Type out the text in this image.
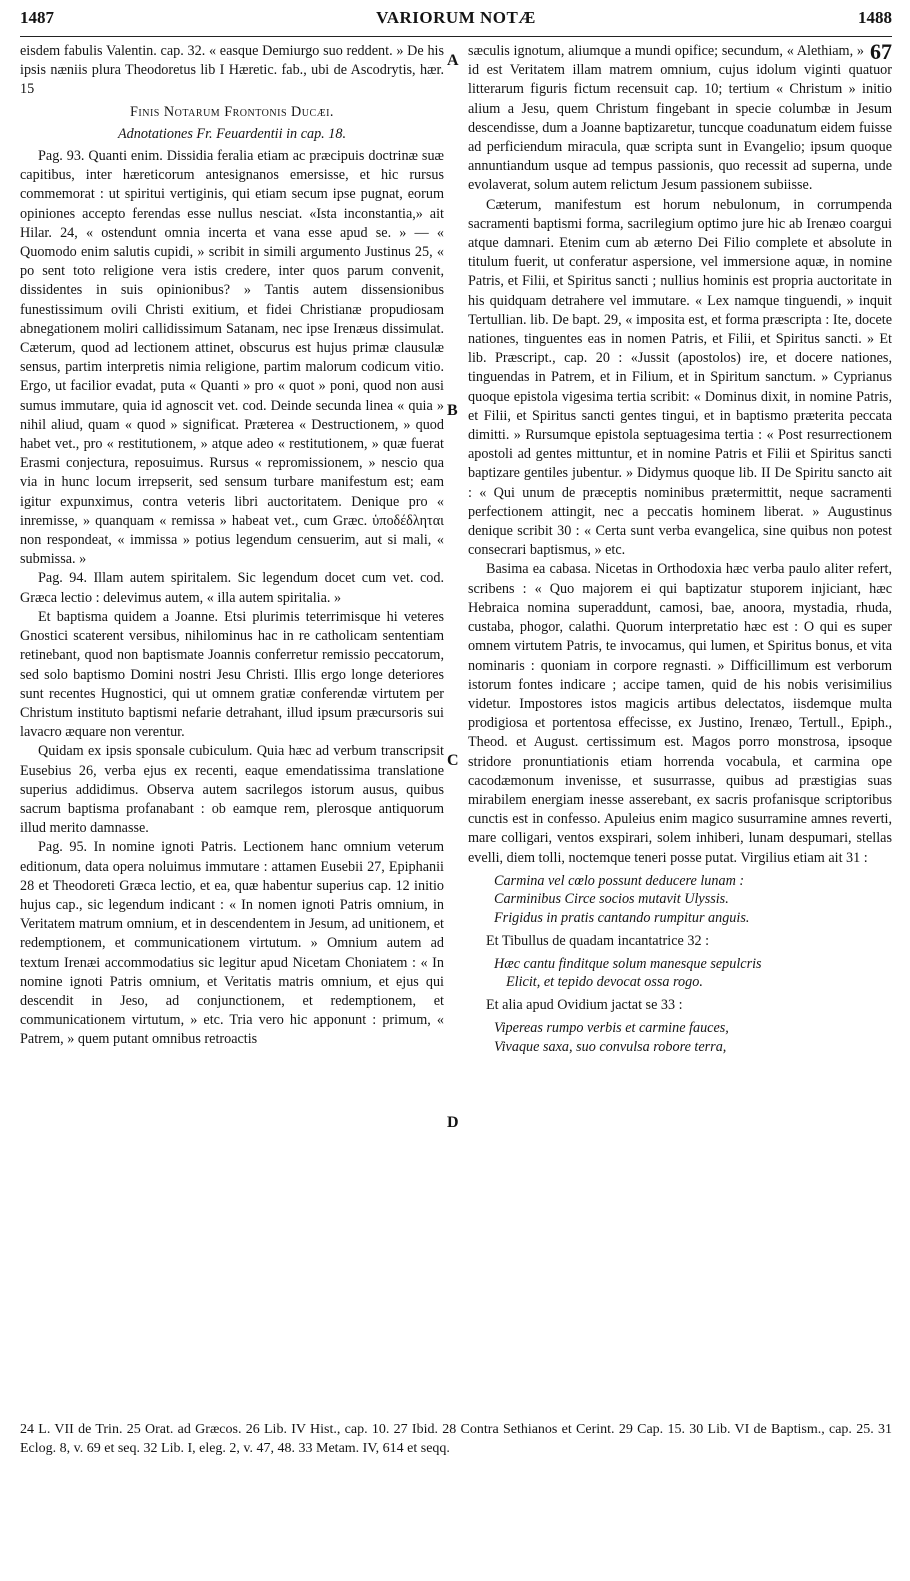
1487	VARIORUM NOTÆ	1488

eisdem fabulis Valentin. cap. 32. « easque Demiurgo suo reddent. » De his ipsis næniis plura Theodoretus lib I Hæretic. fab., ubi de Ascodrytis, hær. 15

Finis Notarum Frontonis Ducæi.

Adnotationes Fr. Feuardentii in cap. 18.

Pag. 93. Quanti enim. Dissidia feralia etiam ac præcipuis doctrinæ suæ capitibus, inter hæreticorum antesignanos emersisse, et hic rursus commemorat : ut spiritui vertiginis, qui etiam secum ipse pugnat, eorum opiniones accepto ferendas esse nullus nesciat. «Ista inconstantia,» ait Hilar. 24, « ostendunt omnia incerta et vana esse apud se. » — « Quomodo enim salutis cupidi, » scribit in simili argumento Justinus 25, « po sent toto religione vera istis credere, inter quos parum convenit, dissidentes in suis opinionibus? » Tantis autem dissensionibus funestissimum ovili Christi exitium, et fidei Christianæ propudiosam abnegationem moliri callidissimum Satanam, nec ipse Irenæus dissimulat. Cæterum, quod ad lectionem attinet, obscurus est hujus primæ clausulæ sensus, partim interpretis nimia religione, partim malorum codicum vitio. Ergo, ut facilior evadat, puta « Quanti » pro « quot » poni, quod non ausi sumus immutare, quia id agnoscit vet. cod. Deinde secunda linea « quia » nihil aliud, quam « quod » significat. Præterea « Destructionem, » quod habet vet., pro « restitutionem, » atque adeo « restitutionem, » quæ fuerat Erasmi conjectura, reposuimus. Rursus « repromissionem, » nescio qua via in hunc locum irrepserit, sed sensum turbare manifestum est; eam igitur expunximus, contra veteris libri auctoritatem. Denique pro « inremisse, » quanquam « remissa » habeat vet., cum Græc. ὑποδέδληται non respondeat, « immissa » potius legendum censuerim, aut si mali, « submissa. »

Pag. 94. Illam autem spiritalem. Sic legendum docet cum vet. cod. Græca lectio : delevimus autem, « illa autem spiritalia. »

Et baptisma quidem a Joanne. Etsi plurimis teterrimisque hi veteres Gnostici scaterent versibus, nihilominus hac in re catholicam sententiam retinebant, quod non baptismate Joannis conferretur remissio peccatorum, sed solo baptismo Domini nostri Jesu Christi. Illis ergo longe deteriores sunt recentes Hugnostici, qui ut omnem gratiæ conferendæ virtutem per Christum instituto baptismi nefarie detrahant, illud ipsum præcursoris sui lavacro æquare non verentur.

Quidam ex ipsis sponsale cubiculum. Quia hæc ad verbum transcripsit Eusebius 26, verba ejus ex recenti, eaque emendatissima translatione superius addidimus. Observa autem sacrilegos istorum ausus, quibus sacrum baptisma profanabant : ob eamque rem, plerosque antiquorum illud merito damnasse.

Pag. 95. In nomine ignoti Patris. Lectionem hanc omnium veterum editionum, data opera noluimus immutare : attamen Eusebii 27, Epiphanii 28 et Theodoreti Græca lectio, et ea, quæ habentur superius cap. 12 initio hujus cap., sic legendum indicant : « In nomen ignoti Patris omnium, in Veritatem matrum omnium, et in descendentem in Jesum, ad unitionem, et redemptionem, et communicationem virtutum. » Omnium autem ad textum Irenæi accommodatius sic legitur apud Nicetam Choniatem : « In nomine ignoti Patris omnium, et Veritatis matris omnium, et ejus qui descendit in Jeso, ad conjunctionem, et redemptionem, et communicationem virtutum, » etc. Tria vero hic apponunt : primum, « Patrem, » quem putant omnibus retroactis

A
B
C
D

67
sæculis ignotum, aliumque a mundi opifice; secundum, « Alethiam, » id est Veritatem illam matrem omnium, cujus idolum viginti quatuor litterarum figuris fictum recensuit cap. 10; tertium « Christum » initio alium a Jesu, quem Christum fingebant in specie columbæ in Jesum descendisse, dum a Joanne baptizaretur, tuncque coadunatum eidem fuisse ad perficiendum miracula, quæ scripta sunt in Evangelio; ipsum quoque annuntiandum usque ad tempus passionis, quo recessit ad superna, unde evolaverat, solum autem relictum Jesum passionem subiisse.

Cæterum, manifestum est horum nebulonum, in corrumpenda sacramenti baptismi forma, sacrilegium optimo jure hic ab Irenæo coargui atque damnari. Etenim cum ab æterno Dei Filio complete et absolute in titulum fuerit, ut conferatur aspersione, vel immersione aquæ, in nomine Patris, et Filii, et Spiritus sancti ; nullius hominis est propria auctoritate in his quidquam detrahere vel immutare. « Lex namque tinguendi, » inquit Tertullian. lib. De bapt. 29, « imposita est, et forma præscripta : Ite, docete nationes, tinguentes eas in nomen Patris, et Filii, et Spiritus sancti. » Et lib. Præscript., cap. 20 : «Jussit (apostolos) ire, et docere nationes, tinguendas in Patrem, et in Filium, et in Spiritum sanctum. » Cyprianus quoque epistola vigesima tertia scribit: « Dominus dixit, in nomine Patris, et Filii, et Spiritus sancti gentes tingui, et in baptismo præterita peccata dimitti. » Rursumque epistola septuagesima tertia : « Post resurrectionem apostoli ad gentes mittuntur, et in nomine Patris et Filii et Spiritus sancti baptizare gentiles jubentur. » Didymus quoque lib. II De Spiritu sancto ait : « Qui unum de præceptis nominibus prætermittit, neque sacramenti perfectionem attingit, nec a peccatis hominem liberat. » Augustinus denique scribit 30 : « Certa sunt verba evangelica, sine quibus non potest consecrari baptismus, » etc.

Basima ea cabasa. Nicetas in Orthodoxia hæc verba paulo aliter refert, scribens : « Quo majorem ei qui baptizatur stuporem injiciant, hæc Hebraica nomina superaddunt, camosi, bae, anoora, mystadia, rhuda, custaba, phogor, calathi. Quorum interpretatio hæc est : O qui es super omnem virtutem Patris, te invocamus, qui lumen, et Spiritus bonus, et vita nominaris : quoniam in corpore regnasti. » Difficillimum est verborum istorum fontes indicare ; accipe tamen, quid de his nobis verisimilius videtur. Impostores istos magicis artibus delectatos, iisdemque multa prodigiosa et portentosa effecisse, ex Justino, Irenæo, Tertull., Epiph., Theod. et August. certissimum est. Magos porro monstrosa, ipsoque stridore pronuntiationis etiam horrenda vocabula, et carmina ope cacodæmonum invenisse, et susurrasse, quibus ad præstigias suas mirabilem energiam inesse asserebant, ex sacris profanisque scriptoribus cunctis est in confesso. Apuleius enim magico susurramine amnes reverti, mare colligari, ventos exspirari, solem inhiberi, lunam despumari, stellas evelli, diem tolli, noctemque teneri posse putat. Virgilius etiam ait 31 :

Carmina vel cœlo possunt deducere lunam :
Carminibus Circe socios mutavit Ulyssis.
Frigidus in pratis cantando rumpitur anguis.

Et Tibullus de quadam incantatrice 32 :

Hæc cantu finditque solum manesque sepulcris
Elicit, et tepido devocat ossa rogo.

Et alia apud Ovidium jactat se 33 :

Vipereas rumpo verbis et carmine fauces,
Vivaque saxa, suo convulsa robore terra,
24 L. VII de Trin. 25 Orat. ad Græcos. 26 Lib. IV Hist., cap. 10. 27 Ibid. 28 Contra Sethianos et Cerint. 29 Cap. 15. 30 Lib. VI de Baptism., cap. 25. 31 Eclog. 8, v. 69 et seq. 32 Lib. I, eleg. 2, v. 47, 48. 33 Metam. IV, 614 et seqq.
